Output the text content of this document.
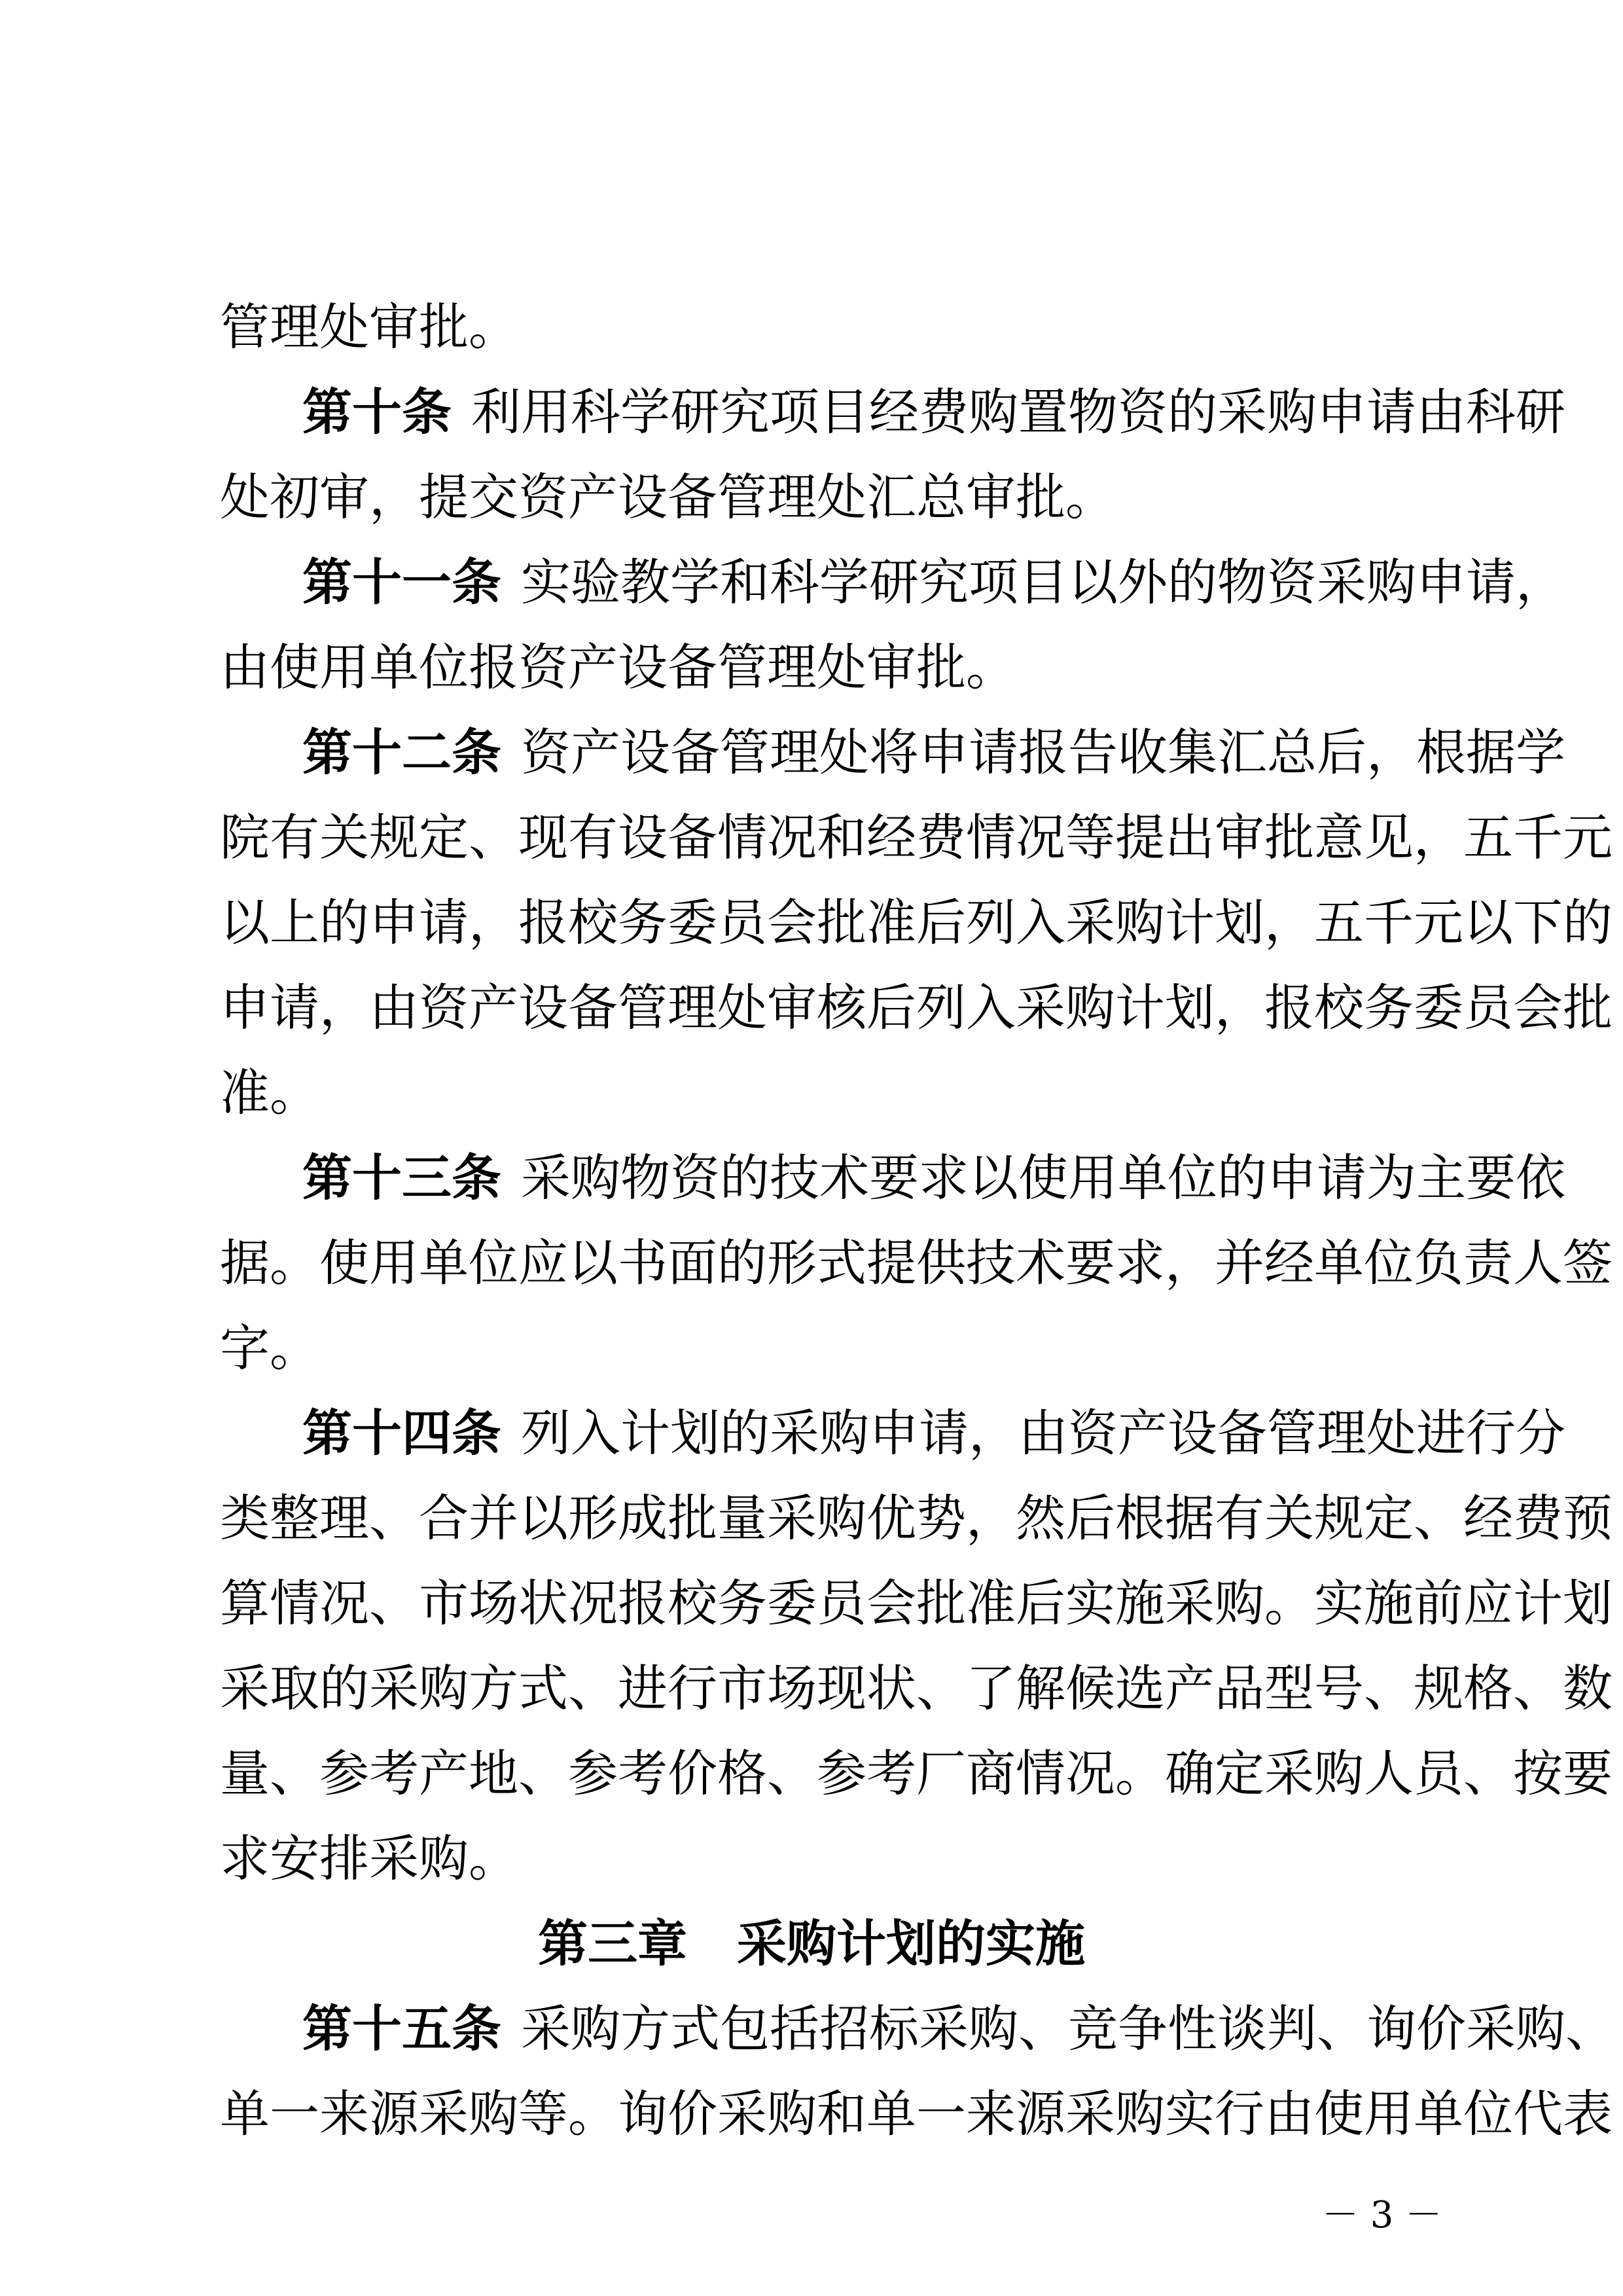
管理处审批。
第十条 利用科学研究项目经费购置物资的采购申请由科研
处初审，提交资产设备管理处汇总审批。
第十一条 实验教学和科学研究项目以外的物资采购申请，
由使用单位报资产设备管理处审批。
第十二条 资产设备管理处将申请报告收集汇总后，根据学
院有关规定、现有设备情况和经费情况等提出审批意见，五千元
以上的申请，报校务委员会批准后列入采购计划，五千元以下的
申请，由资产设备管理处审核后列入采购计划，报校务委员会批
准。
第十三条 采购物资的技术要求以使用单位的申请为主要依
据。使用单位应以书面的形式提供技术要求，并经单位负责人签
字。
第十四条 列入计划的采购申请，由资产设备管理处进行分
类整理、合并以形成批量采购优势，然后根据有关规定、经费预
算情况、市场状况报校务委员会批准后实施采购。实施前应计划
采取的采购方式、进行市场现状、了解候选产品型号、规格、数
量、参考产地、参考价格、参考厂商情况。确定采购人员、按要
求安排采购。
第三章　采购计划的实施
第十五条 采购方式包括招标采购、竞争性谈判、询价采购、
单一来源采购等。询价采购和单一来源采购实行由使用单位代表
－ 3 －
